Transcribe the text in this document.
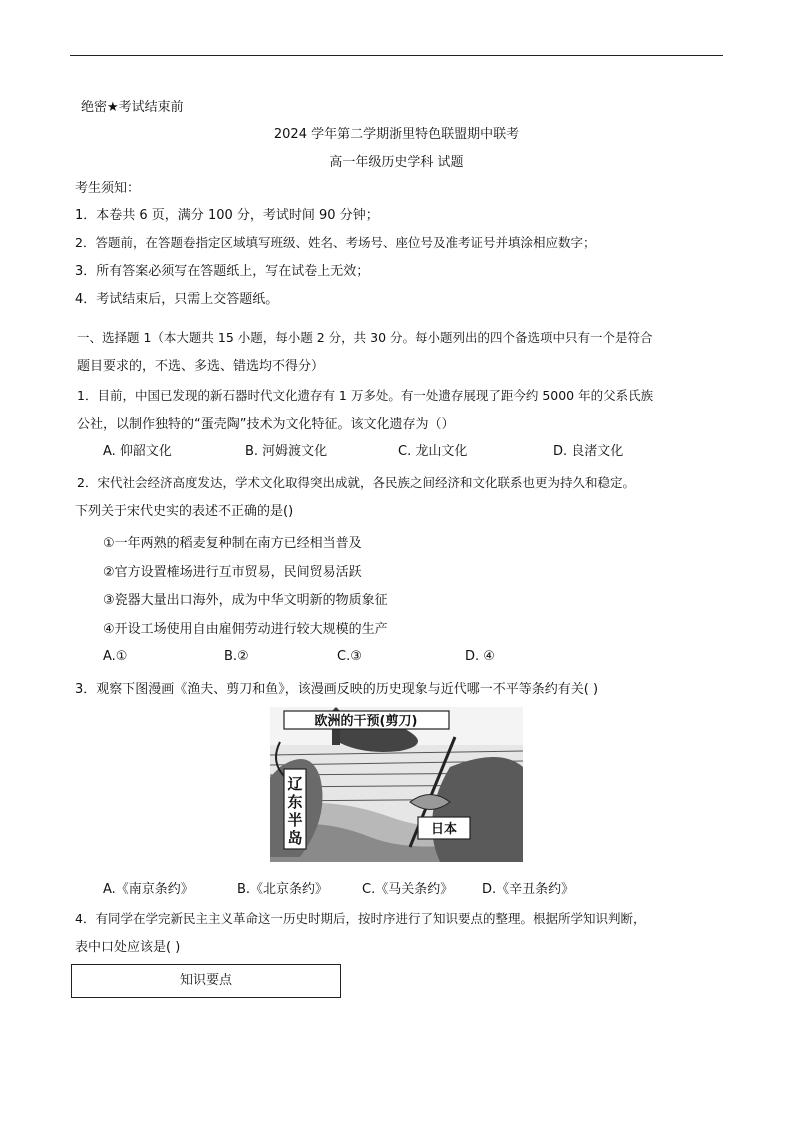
绝密★考试结束前
2024 学年第二学期浙里特色联盟期中联考
高一年级历史学科 试题
考生须知：
1．本卷共 6 页，满分 100 分，考试时间 90 分钟；
2．答题前，在答题卷指定区域填写班级、姓名、考场号、座位号及准考证号并填涂相应数字；
3．所有答案必须写在答题纸上，写在试卷上无效；
4．考试结束后，只需上交答题纸。
一、选择题 1（本大题共 15 小题，每小题 2 分，共 30 分。每小题列出的四个备选项中只有一个是符合
题目要求的，不选、多选、错选均不得分）
1．目前，中国已发现的新石器时代文化遗存有 1 万多处。有一处遗存展现了距今约 5000 年的父系氏族
公社，以制作独特的“蛋壳陶”技术为文化特征。该文化遗存为（）
A. 仰韶文化	B. 河姆渡文化	C. 龙山文化	D. 良渚文化
2．宋代社会经济高度发达，学术文化取得突出成就，各民族之间经济和文化联系也更为持久和稳定。
下列关于宋代史实的表述不正确的是()
①一年两熟的稻麦复种制在南方已经相当普及
②官方设置榷场进行互市贸易，民间贸易活跃
③瓷器大量出口海外，成为中华文明新的物质象征
④开设工场使用自由雇佣劳动进行较大规模的生产
A.①	B.②	C.③	D. ④
3．观察下图漫画《渔夫、剪刀和鱼》，该漫画反映的历史现象与近代哪一不平等条约有关( )
欧洲的干预(剪刀)
辽
东
半
岛	日本
A.《南京条约》	B.《北京条约》	C.《马关条约》 D.《辛丑条约》
4．有同学在学完新民主主义革命这一历史时期后，按时序进行了知识要点的整理。根据所学知识判断，
表中口处应该是( )
知识要点
